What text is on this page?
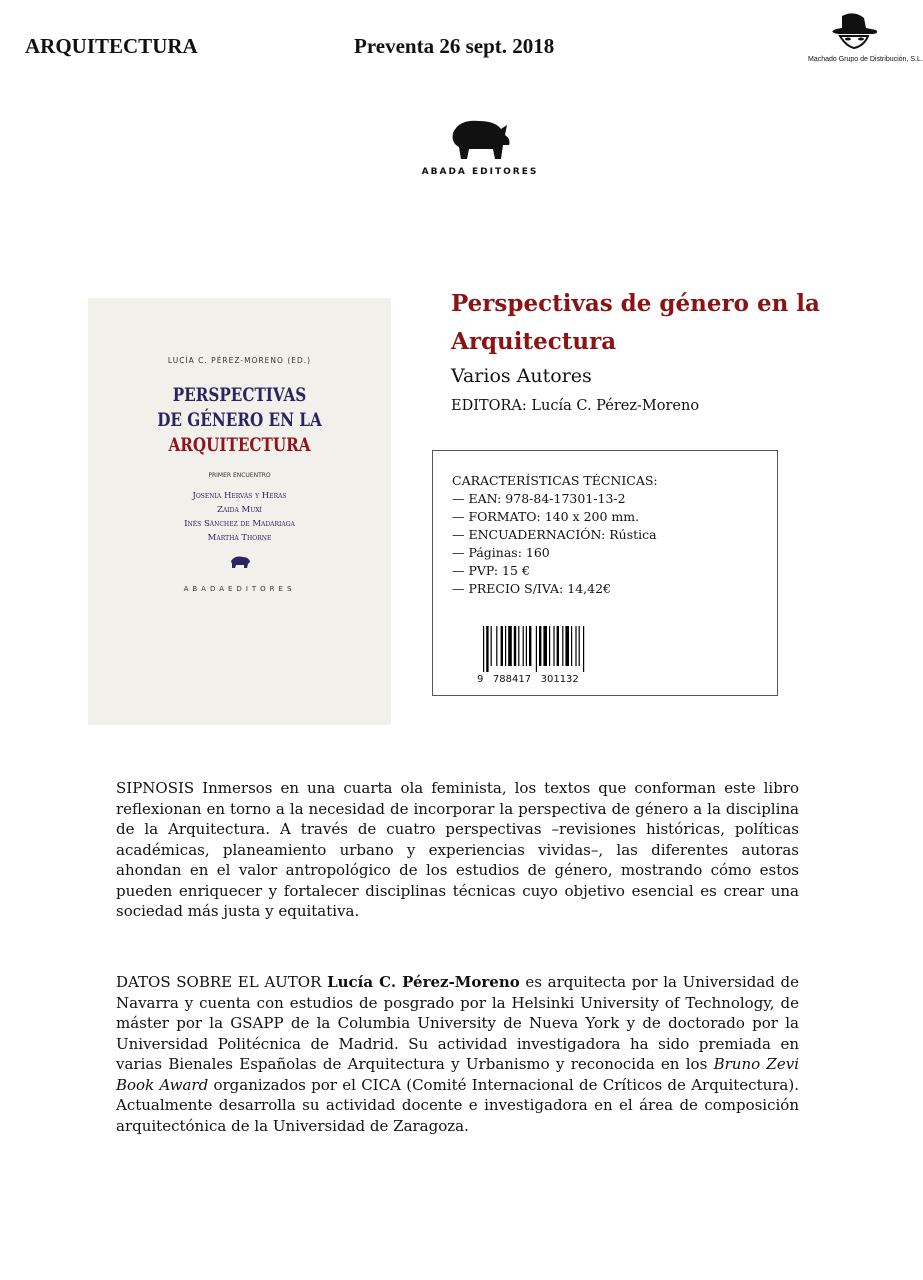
ARQUITECTURA	Preventa 26 sept. 2018
Machado Grupo de Distribución, S.L.
ABADA EDITORES
LUCÍA C. PÉREZ-MORENO (ED.)
PERSPECTIVAS
DE GÉNERO EN LA
ARQUITECTURA
PRIMER ENCUENTRO
Josenia Hervás y Heras
Zaida Muxí
Inés Sánchez de Madariaga
Martha Thorne
ABADAEDITORES
Perspectivas de género en la Arquitectura
Varios Autores
EDITORA: Lucía C. Pérez-Moreno
CARACTERÍSTICAS TÉCNICAS:
— EAN: 978-84-17301-13-2
— FORMATO: 140 x 200 mm.
— ENCUADERNACIÓN: Rústica
— Páginas: 160
— PVP: 15 €
— PRECIO S/IVA: 14,42€
9   788417   301132
SIPNOSIS Inmersos en una cuarta ola feminista, los textos que conforman este libro reflexionan en torno a la necesidad de incorporar la perspectiva de género a la disciplina de la Arquitectura. A través de cuatro perspectivas –revisiones históricas, políticas académicas, planeamiento urbano y experiencias vividas–, las diferentes autoras ahondan en el valor antropológico de los estudios de género, mostrando cómo estos pueden enriquecer y fortalecer disciplinas técnicas cuyo objetivo esencial es crear una sociedad más justa y equitativa.
DATOS SOBRE EL AUTOR Lucía C. Pérez-Moreno es arquitecta por la Universidad de Navarra y cuenta con estudios de posgrado por la Helsinki University of Technology, de máster por la GSAPP de la Columbia University de Nueva York y de doctorado por la Universidad Politécnica de Madrid. Su actividad investigadora ha sido premiada en varias Bienales Españolas de Arquitectura y Urbanismo y reconocida en los Bruno Zevi Book Award organizados por el CICA (Comité Internacional de Críticos de Arquitectura). Actualmente desarrolla su actividad docente e investigadora en el área de composición arquitectónica de la Universidad de Zaragoza.
